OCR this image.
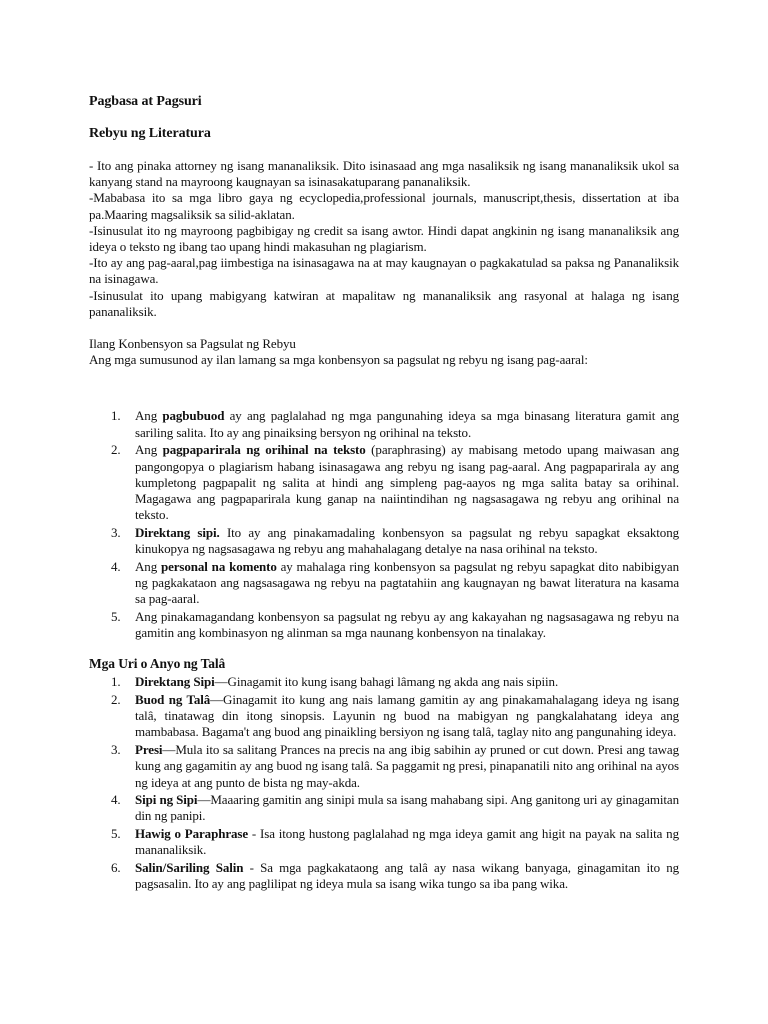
Pagbasa at Pagsuri
Rebyu ng Literatura

- Ito ang pinaka attorney ng isang mananaliksik. Dito isinasaad ang mga nasaliksik ng isang mananaliksik ukol sa kanyang stand na mayroong kaugnayan sa isinasakatuparang pananaliksik.

-Mababasa ito sa mga libro gaya ng ecyclopedia,professional journals, manuscript,thesis, dissertation at iba pa.Maaring magsaliksik sa silid-aklatan.

-Isinusulat ito ng mayroong pagbibigay ng credit sa isang awtor. Hindi dapat angkinin ng isang mananaliksik ang ideya o teksto ng ibang tao upang hindi makasuhan ng plagiarism.

-Ito ay ang pag-aaral,pag iimbestiga na isinasagawa na at may kaugnayan o pagkakatulad sa paksa ng Pananaliksik na isinagawa.

-Isinusulat ito upang mabigyang katwiran at mapalitaw ng mananaliksik ang rasyonal at halaga ng isang pananaliksik.

Ilang Konbensyon sa Pagsulat ng Rebyu

Ang mga sumusunod ay ilan lamang sa mga konbensyon sa pagsulat ng rebyu ng isang pag-aaral:

1. Ang pagbubuod ay ang paglalahad ng mga pangunahing ideya sa mga binasang literatura gamit ang sariling salita. Ito ay ang pinaiksing bersyon ng orihinal na teksto.
2. Ang pagpaparirala ng orihinal na teksto (paraphrasing) ay mabisang metodo upang maiwasan ang pangongopya o plagiarism habang isinasagawa ang rebyu ng isang pag-aaral. Ang pagpaparirala ay ang kumpletong pagpapalit ng salita at hindi ang simpleng pag-aayos ng mga salita batay sa orihinal. Magagawa ang pagpaparirala kung ganap na naiintindihan ng nagsasagawa ng rebyu ang orihinal na teksto.
3. Direktang sipi. Ito ay ang pinakamadaling konbensyon sa pagsulat ng rebyu sapagkat eksaktong kinukopya ng nagsasagawa ng rebyu ang mahahalagang detalye na nasa orihinal na teksto.
4. Ang personal na komento ay mahalaga ring konbensyon sa pagsulat ng rebyu sapagkat dito nabibigyan ng pagkakataon ang nagsasagawa ng rebyu na pagtatahiin ang kaugnayan ng bawat literatura na kasama sa pag-aaral.
5. Ang pinakamagandang konbensyon sa pagsulat ng rebyu ay ang kakayahan ng nagsasagawa ng rebyu na gamitin ang kombinasyon ng alinman sa mga naunang konbensyon na tinalakay.
Mga Uri o Anyo ng Talâ
1. Direktang Sipi—Ginagamit ito kung isang bahagi lâmang ng akda ang nais sipiin.
2. Buod ng Talâ—Ginagamit ito kung ang nais lamang gamitin ay ang pinakamahalagang ideya ng isang talâ, tinatawag din itong sinopsis. Layunin ng buod na mabigyan ng pangkalahatang ideya ang mambabasa. Bagama't ang buod ang pinaikling bersiyon ng isang talâ, taglay nito ang pangunahing ideya.
3. Presi—Mula ito sa salitang Prances na precis na ang ibig sabihin ay pruned or cut down. Presi ang tawag kung ang gagamitin ay ang buod ng isang talâ. Sa paggamit ng presi, pinapanatili nito ang orihinal na ayos ng ideya at ang punto de bista ng may-akda.
4. Sipi ng Sipi—Maaaring gamitin ang sinipi mula sa isang mahabang sipi. Ang ganitong uri ay ginagamitan din ng panipi.
5. Hawig o Paraphrase - Isa itong hustong paglalahad ng mga ideya gamit ang higit na payak na salita ng mananaliksik.
6. Salin/Sariling Salin - Sa mga pagkakataong ang talâ ay nasa wikang banyaga, ginagamitan ito ng pagsasalin. Ito ay ang paglilipat ng ideya mula sa isang wika tungo sa iba pang wika.
